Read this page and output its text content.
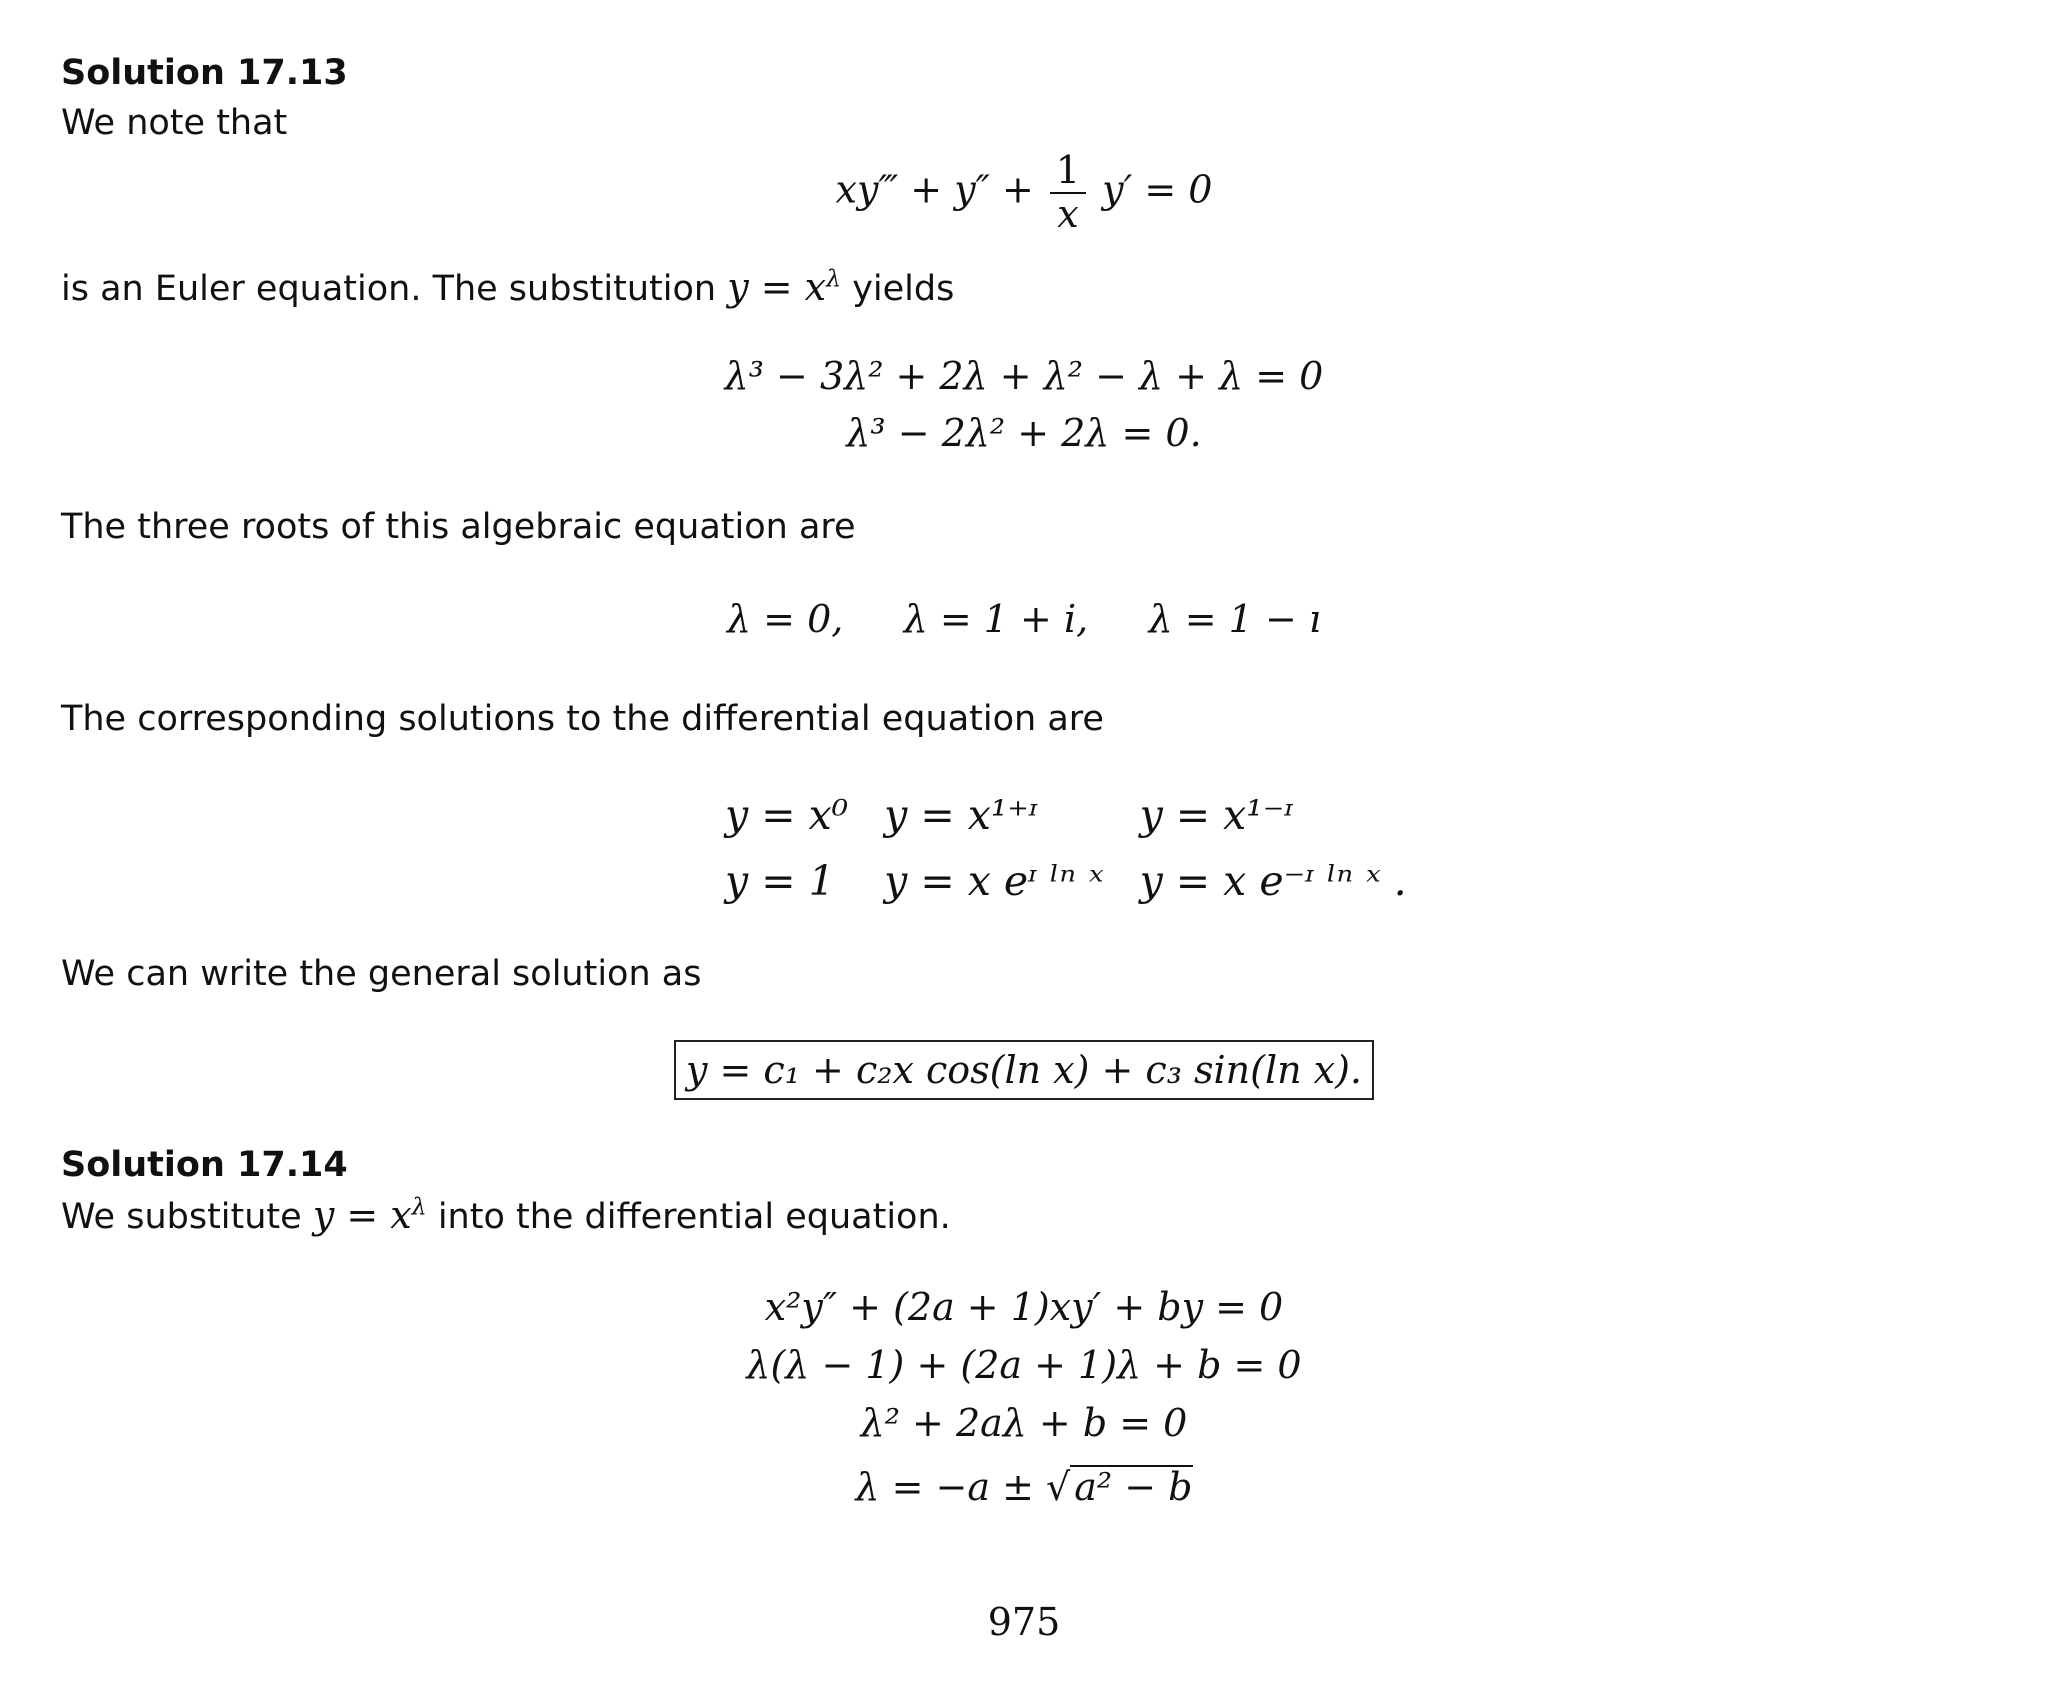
Solution 17.13
We note that
xy‴ + $y'' + \frac{1}{x} y' = 0$
is an Euler equation. The substitution $y = x^\lambda$ yields
λ³ − 3λ² + 2λ + λ² − λ + λ = 0
λ³ − 2λ² + 2λ = 0.
The three roots of this algebraic equation are
λ = 0,     λ = 1 + i,     λ = 1 − ı
The corresponding solutions to the differential equation are
y = x⁰	y = x¹⁺ᶦ	y = x¹⁻ᶦ
y = 1	y = x eᶦ ˡⁿ ˣ	y = x e⁻ᶦ ˡⁿ ˣ .
We can write the general solution as
y = c₁ + c₂x cos(ln x) + c₃ sin(ln x).
Solution 17.14
We substitute $y = x^\lambda$ into the differential equation.
x²y″ + (2a + 1)xy′ + by = 0
λ(λ − 1) + (2a + 1)λ + b = 0
λ² + 2aλ + b = 0
λ = −a ± √ a² − b
975
